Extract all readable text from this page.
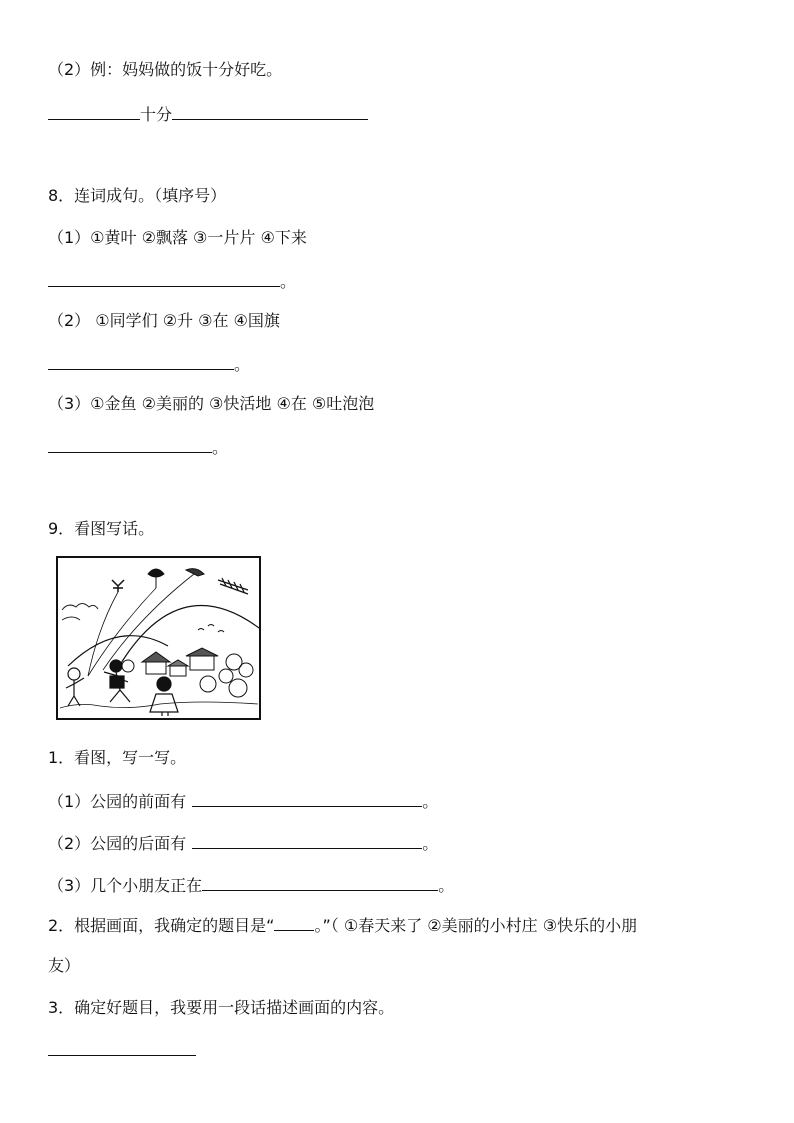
（2）例：妈妈做的饭十分好吃。
十分
8．连词成句。（填序号）
（1）①黄叶 ②飘落 ③一片片 ④下来
。
（2） ①同学们 ②升 ③在 ④国旗
。
（3）①金鱼 ②美丽的 ③快活地 ④在 ⑤吐泡泡
。
9．看图写话。
1．看图，写一写。
（1）公园的前面有	。
（2）公园的后面有	。
（3）几个小朋友正在	。
2．根据画面，我确定的题目是“	。”（ ①春天来了 ②美丽的小村庄 ③快乐的小朋
友）
3．确定好题目，我要用一段话描述画面的内容。
